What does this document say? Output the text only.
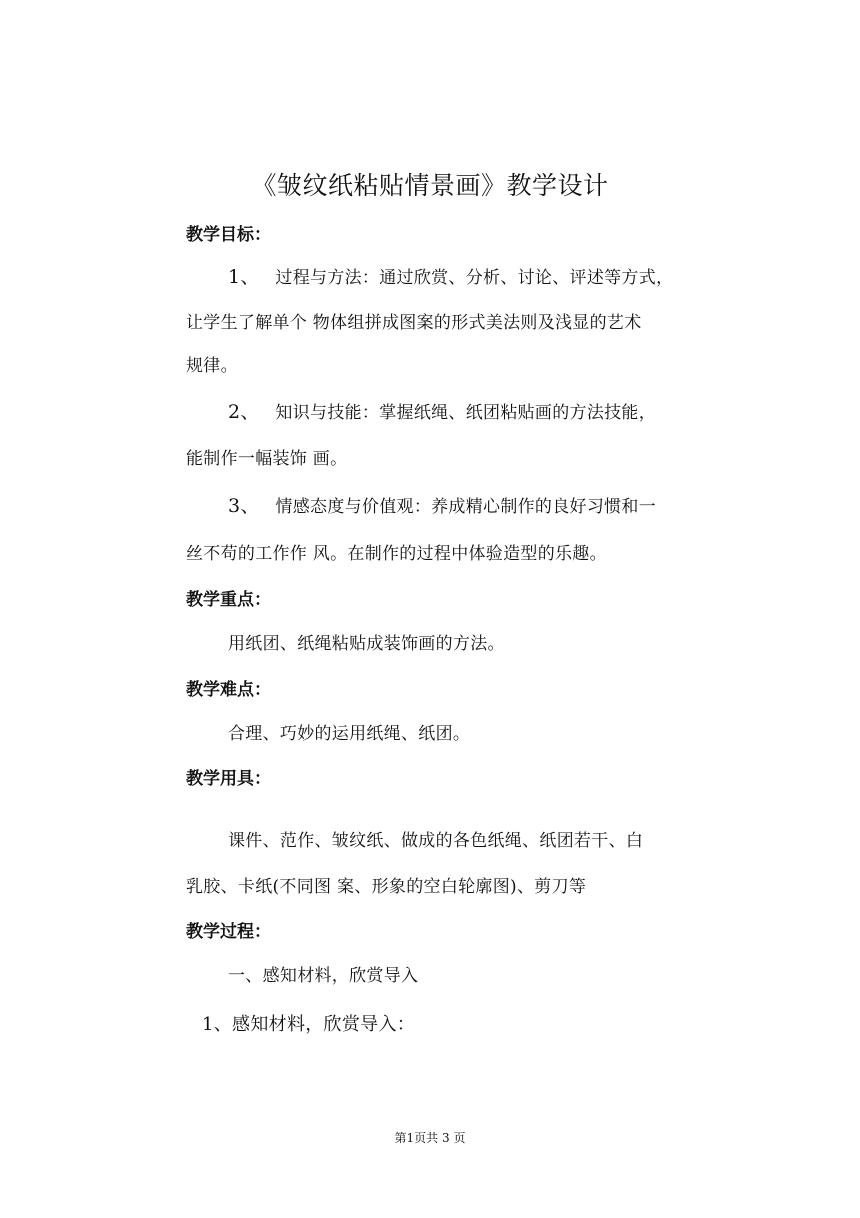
《皱纹纸粘贴情景画》教学设计
教学目标：
1、 过程与方法：通过欣赏、分析、讨论、评述等方式，
让学生了解单个 物体组拼成图案的形式美法则及浅显的艺术
规律。
2、 知识与技能：掌握纸绳、纸团粘贴画的方法技能，
能制作一幅装饰 画。
3、 情感态度与价值观：养成精心制作的良好习惯和一
丝不苟的工作作 风。在制作的过程中体验造型的乐趣。
教学重点：
用纸团、纸绳粘贴成装饰画的方法。
教学难点：
合理、巧妙的运用纸绳、纸团。
教学用具：
课件、范作、皱纹纸、做成的各色纸绳、纸团若干、白
乳胶、卡纸(不同图 案、形象的空白轮廓图)、剪刀等
教学过程：
一、感知材料，欣赏导入
1、感知材料，欣赏导入：
第1页共 3 页
